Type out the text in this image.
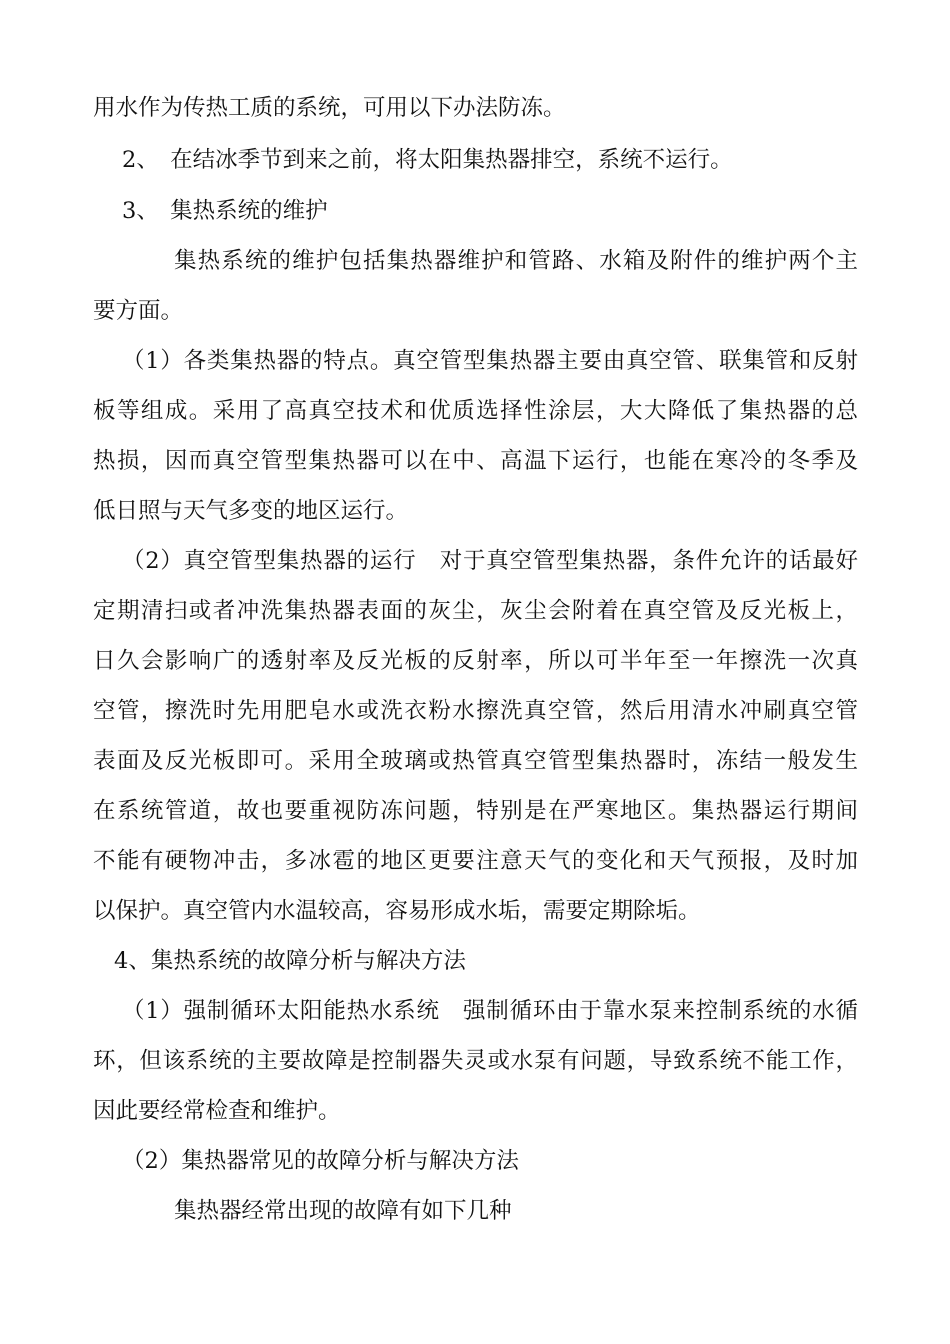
用水作为传热工质的系统，可用以下办法防冻。
2、　在结冰季节到来之前，将太阳集热器排空，系统不运行。
3、　集热系统的维护
集热系统的维护包括集热器维护和管路、水箱及附件的维护两个主
要方面。
（1）各类集热器的特点。真空管型集热器主要由真空管、联集管和反射
板等组成。采用了高真空技术和优质选择性涂层，大大降低了集热器的总
热损，因而真空管型集热器可以在中、高温下运行，也能在寒冷的冬季及
低日照与天气多变的地区运行。
（2）真空管型集热器的运行　对于真空管型集热器，条件允许的话最好
定期清扫或者冲洗集热器表面的灰尘，灰尘会附着在真空管及反光板上，
日久会影响广的透射率及反光板的反射率，所以可半年至一年擦洗一次真
空管，擦洗时先用肥皂水或洗衣粉水擦洗真空管，然后用清水冲刷真空管
表面及反光板即可。采用全玻璃或热管真空管型集热器时，冻结一般发生
在系统管道，故也要重视防冻问题，特别是在严寒地区。集热器运行期间
不能有硬物冲击，多冰雹的地区更要注意天气的变化和天气预报，及时加
以保护。真空管内水温较高，容易形成水垢，需要定期除垢。
4、集热系统的故障分析与解决方法
（1）强制循环太阳能热水系统　强制循环由于靠水泵来控制系统的水循
环，但该系统的主要故障是控制器失灵或水泵有问题，导致系统不能工作，
因此要经常检查和维护。
（2）集热器常见的故障分析与解决方法
集热器经常出现的故障有如下几种
